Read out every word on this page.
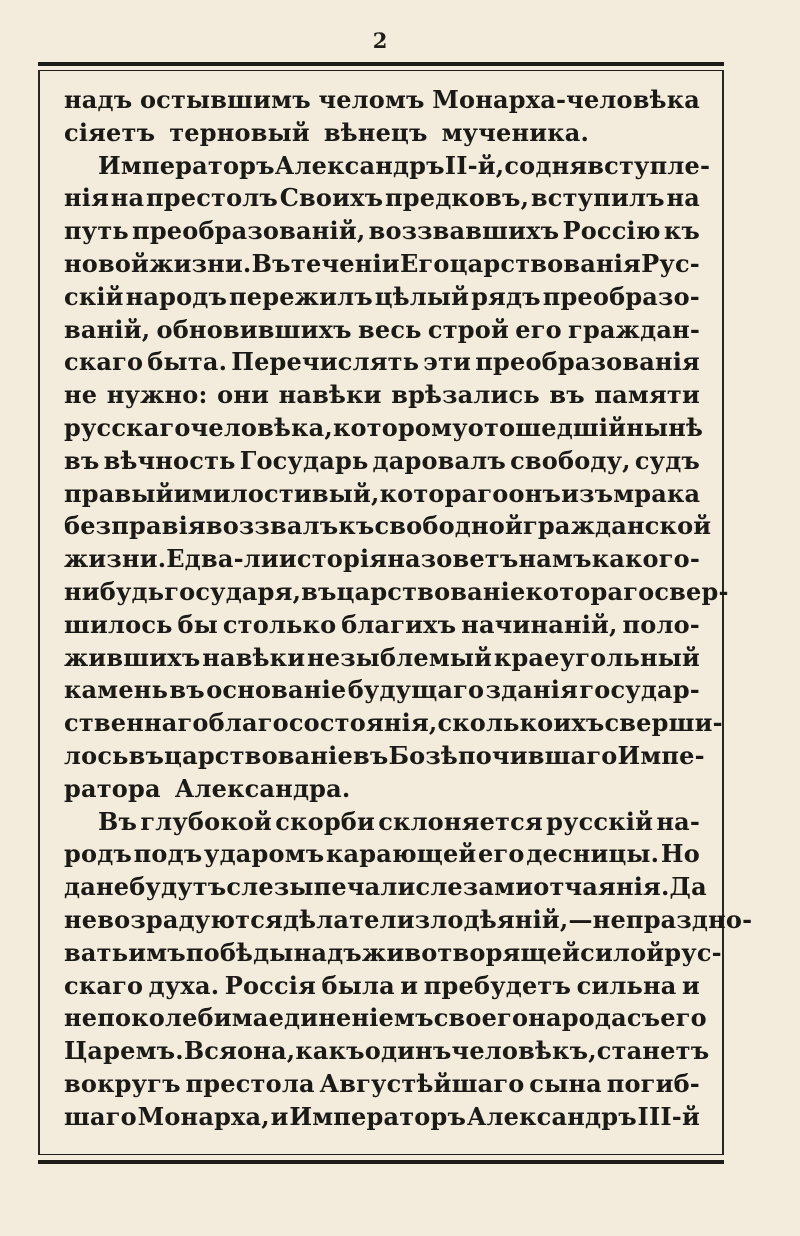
2
надъ остывшимъ челомъ Монарха-человѣка
сіяетъ терновый вѣнецъ мученика.
Императоръ Александръ II-й, со дня вступле-
нія на престолъ Своихъ предковъ, вступилъ на
путь преобразованій, воззвавшихъ Россію къ
новой жизни. Въ теченіи Его царствованія Рус-
скій народъ пережилъ цѣлый рядъ преобразо-
ваній, обновившихъ весь строй его граждан-
скаго быта. Перечислять эти преобразованія
не нужно: они навѣки врѣзались въ памяти
русскаго человѣка, которому отошедшій нынѣ
въ вѣчность Государь даровалъ свободу, судъ
правый и милостивый, котораго онъ изъ мрака
безправія воззвалъ къ свободной гражданской
жизни. Едва-ли исторія назоветъ намъ какого-
нибудь государя, въ царствованіе котораго свер-
шилось бы столько благихъ начинаній, поло-
жившихъ навѣки незыблемый краеугольный
камень въ основаніе будущаго зданія государ-
ственнаго благосостоянія, сколько ихъ сверши-
лось въ царствованіе въ Бозѣ почившаго Импе-
ратора Александра.
Въ глубокой скорби склоняется русскій на-
родъ подъ ударомъ карающей его десницы. Но
да не будутъ слезы печали слезами отчаянія. Да
не возрадуются дѣлатели злодѣяній, — не праздно-
вать имъ побѣды надъ животворящей силой рус-
скаго духа. Россія была и пребудетъ сильна и
непоколебима единеніемъ своего народа съ его
Царемъ. Вся она, какъ одинъ человѣкъ, станетъ
вокругъ престола Августѣйшаго сына погиб-
шаго Монарха, и Императоръ Александръ III-й
